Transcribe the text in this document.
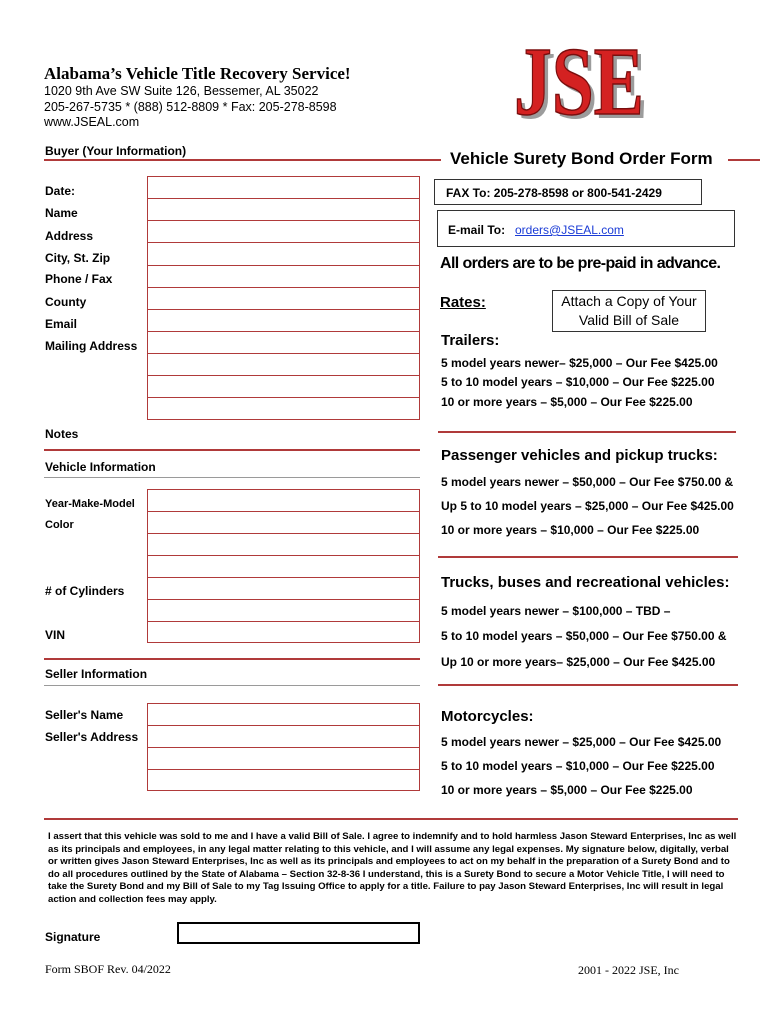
Alabama’s Vehicle Title Recovery Service!
1020 9th Ave SW Suite 126, Bessemer, AL 35022
205-267-5735 * (888) 512-8809 * Fax: 205-278-8598
www.JSEAL.com	JSE
JSE
Buyer (Your Information)	Vehicle Surety Bond Order Form
Date:
Name
Address
City, St. Zip
Phone / Fax
County
Email
Mailing Address
Notes
Vehicle Information
Year-Make-Model
Color
# of Cylinders
VIN
Seller Information
Seller's Name
Seller's Address
FAX To: 205-278-8598 or 800-541-2429
E-mail To: orders@JSEAL.com
All orders are to be pre-paid in advance.
Rates:	Attach a Copy of Your Valid Bill of Sale
Trailers:
5 model years newer– $25,000 – Our Fee $425.00
5 to 10 model years – $10,000 – Our Fee $225.00
10 or more years – $5,000 – Our Fee $225.00
Passenger vehicles and pickup trucks:
5 model years newer – $50,000 – Our Fee $750.00 &
Up 5 to 10 model years – $25,000 – Our Fee $425.00
10 or more years – $10,000 – Our Fee $225.00
Trucks, buses and recreational vehicles:
5 model years newer – $100,000 – TBD –
5 to 10 model years – $50,000 – Our Fee $750.00 &
Up 10 or more years– $25,000 – Our Fee $425.00
Motorcycles:
5 model years newer – $25,000 – Our Fee $425.00
5 to 10 model years – $10,000 – Our Fee $225.00
10 or more years – $5,000 – Our Fee $225.00
I assert that this vehicle was sold to me and I have a valid Bill of Sale. I agree to indemnify and to hold harmless Jason Steward Enterprises, Inc as well as its principals and employees, in any legal matter relating to this vehicle, and I will assume any legal expenses. My signature below, digitally, verbal or written gives Jason Steward Enterprises, Inc as well as its principals and employees to act on my behalf in the preparation of a Surety Bond and to do all procedures outlined by the State of Alabama – Section 32-8-36 I understand, this is a Surety Bond to secure a Motor Vehicle Title, I will need to take the Surety Bond and my Bill of Sale to my Tag Issuing Office to apply for a title. Failure to pay Jason Steward Enterprises, Inc will result in legal action and collection fees may apply.
Signature
Form SBOF Rev. 04/2022	2001 - 2022 JSE, Inc
